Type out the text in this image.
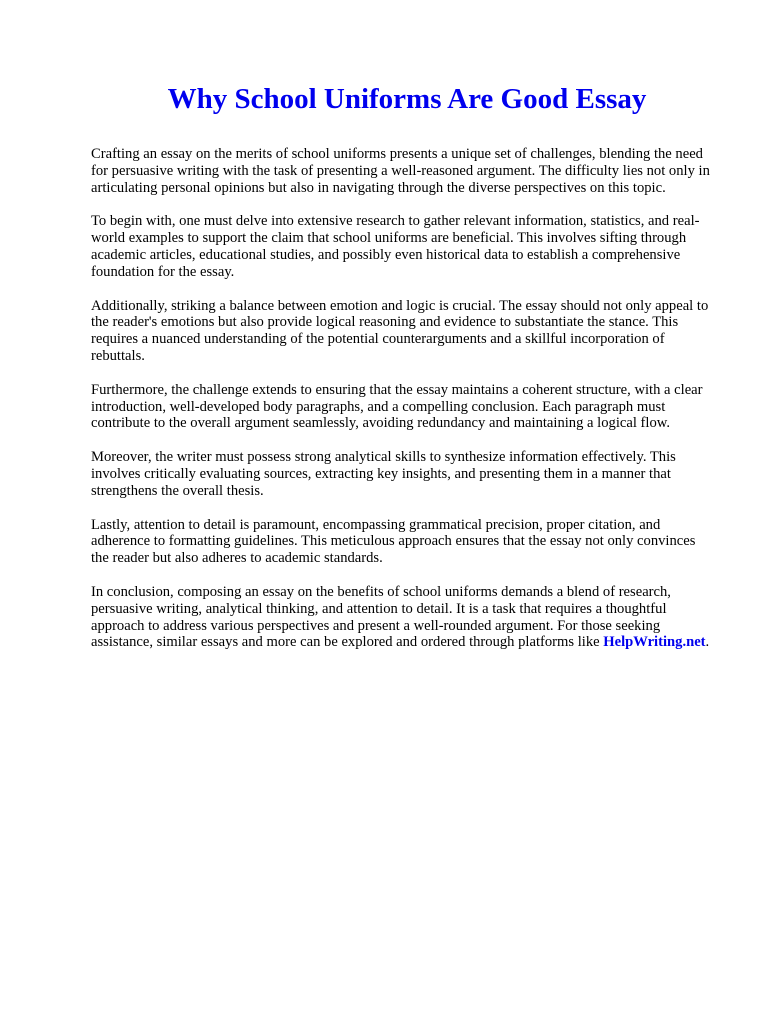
Why School Uniforms Are Good Essay

Crafting an essay on the merits of school uniforms presents a unique set of challenges, blending the need for persuasive writing with the task of presenting a well-reasoned argument. The difficulty lies not only in articulating personal opinions but also in navigating through the diverse perspectives on this topic.

To begin with, one must delve into extensive research to gather relevant information, statistics, and real-world examples to support the claim that school uniforms are beneficial. This involves sifting through academic articles, educational studies, and possibly even historical data to establish a comprehensive foundation for the essay.

Additionally, striking a balance between emotion and logic is crucial. The essay should not only appeal to the reader's emotions but also provide logical reasoning and evidence to substantiate the stance. This requires a nuanced understanding of the potential counterarguments and a skillful incorporation of rebuttals.

Furthermore, the challenge extends to ensuring that the essay maintains a coherent structure, with a clear introduction, well-developed body paragraphs, and a compelling conclusion. Each paragraph must contribute to the overall argument seamlessly, avoiding redundancy and maintaining a logical flow.

Moreover, the writer must possess strong analytical skills to synthesize information effectively. This involves critically evaluating sources, extracting key insights, and presenting them in a manner that strengthens the overall thesis.

Lastly, attention to detail is paramount, encompassing grammatical precision, proper citation, and adherence to formatting guidelines. This meticulous approach ensures that the essay not only convinces the reader but also adheres to academic standards.

In conclusion, composing an essay on the benefits of school uniforms demands a blend of research, persuasive writing, analytical thinking, and attention to detail. It is a task that requires a thoughtful approach to address various perspectives and present a well-rounded argument. For those seeking assistance, similar essays and more can be explored and ordered through platforms like HelpWriting.net.
